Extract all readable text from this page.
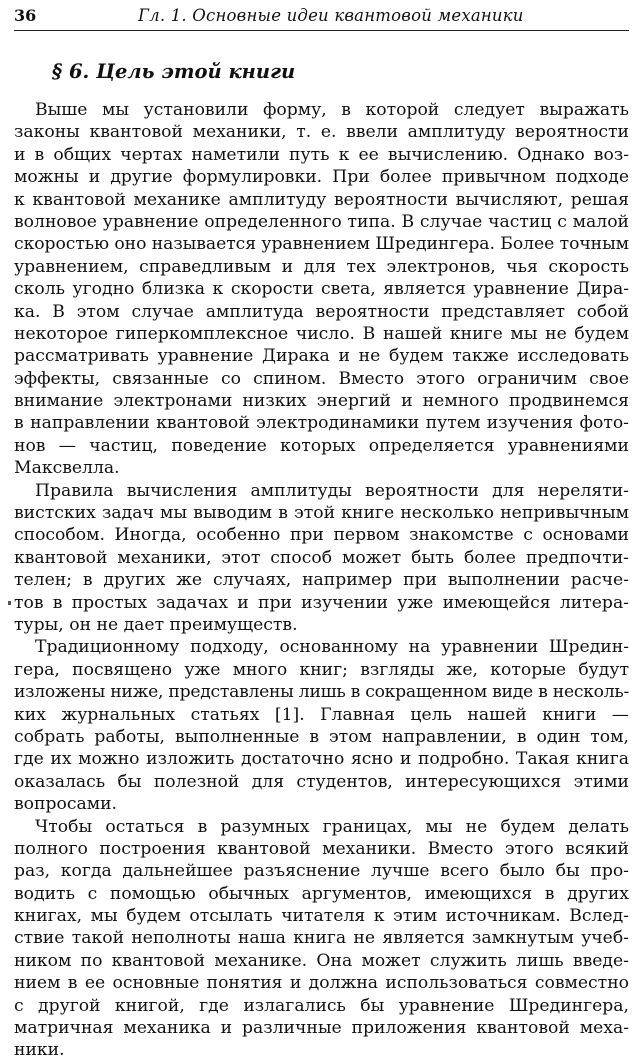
36	Гл. 1. Основные идеи квантовой механики
§ 6. Цель этой книги
Выше мы установили форму, в которой следует выражать
законы квантовой механики, т. е. ввели амплитуду вероятности
и в общих чертах наметили путь к ее вычислению. Однако воз-
можны и другие формулировки. При более привычном подходе
к квантовой механике амплитуду вероятности вычисляют, решая
волновое уравнение определенного типа. В случае частиц с малой
скоростью оно называется уравнением Шредингера. Более точным
уравнением, справедливым и для тех электронов, чья скорость
сколь угодно близка к скорости света, является уравнение Дира-
ка. В этом случае амплитуда вероятности представляет собой
некоторое гиперкомплексное число. В нашей книге мы не будем
рассматривать уравнение Дирака и не будем также исследовать
эффекты, связанные со спином. Вместо этого ограничим свое
внимание электронами низких энергий и немного продвинемся
в направлении квантовой электродинамики путем изучения фото-
нов — частиц, поведение которых определяется уравнениями
Максвелла.
Правила вычисления амплитуды вероятности для нереляти-
вистских задач мы выводим в этой книге несколько непривычным
способом. Иногда, особенно при первом знакомстве с основами
квантовой механики, этот способ может быть более предпочти-
телен; в других же случаях, например при выполнении расче-
тов в простых задачах и при изучении уже имеющейся литера-
туры, он не дает преимуществ.
Традиционному подходу, основанному на уравнении Шредин-
гера, посвящено уже много книг; взгляды же, которые будут
изложены ниже, представлены лишь в сокращенном виде в несколь-
ких журнальных статьях [1]. Главная цель нашей книги —
собрать работы, выполненные в этом направлении, в один том,
где их можно изложить достаточно ясно и подробно. Такая книга
оказалась бы полезной для студентов, интересующихся этими
вопросами.
Чтобы остаться в разумных границах, мы не будем делать
полного построения квантовой механики. Вместо этого всякий
раз, когда дальнейшее разъяснение лучше всего было бы про-
водить с помощью обычных аргументов, имеющихся в других
книгах, мы будем отсылать читателя к этим источникам. Вслед-
ствие такой неполноты наша книга не является замкнутым учеб-
ником по квантовой механике. Она может служить лишь введе-
нием в ее основные понятия и должна использоваться совместно
с другой книгой, где излагались бы уравнение Шредингера,
матричная механика и различные приложения квантовой меха-
ники.
